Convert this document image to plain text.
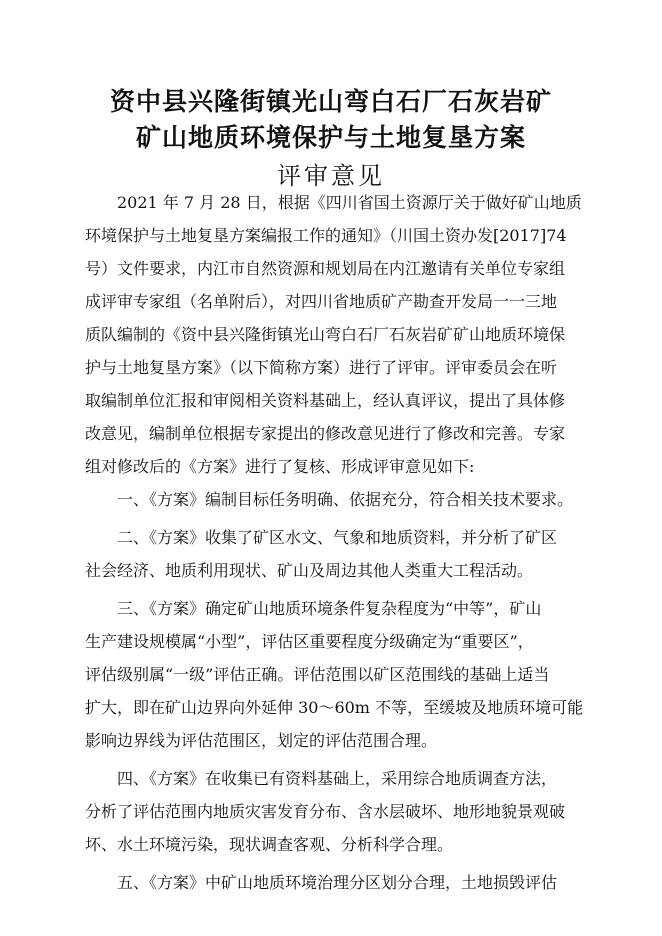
资中县兴隆街镇光山弯白石厂石灰岩矿
矿山地质环境保护与土地复垦方案
评审意见
2021 年 7 月 28 日，根据《四川省国土资源厅关于做好矿山地质
环境保护与土地复垦方案编报工作的通知》（川国土资办发[2017]74
号）文件要求，内江市自然资源和规划局在内江邀请有关单位专家组
成评审专家组（名单附后），对四川省地质矿产勘查开发局一一三地
质队编制的《资中县兴隆街镇光山弯白石厂石灰岩矿矿山地质环境保
护与土地复垦方案》（以下简称方案）进行了评审。评审委员会在听
取编制单位汇报和审阅相关资料基础上，经认真评议，提出了具体修
改意见，编制单位根据专家提出的修改意见进行了修改和完善。专家
组对修改后的《方案》进行了复核、形成评审意见如下:
一、《方案》编制目标任务明确、依据充分，符合相关技术要求。
二、《方案》收集了矿区水文、气象和地质资料，并分析了矿区
社会经济、地质利用现状、矿山及周边其他人类重大工程活动。
三、《方案》确定矿山地质环境条件复杂程度为“中等”，矿山
生产建设规模属“小型”，评估区重要程度分级确定为“重要区”，
评估级别属“一级”评估正确。评估范围以矿区范围线的基础上适当
扩大，即在矿山边界向外延伸 30～60m 不等，至缓坡及地质环境可能
影响边界线为评估范围区，划定的评估范围合理。
四、《方案》在收集已有资料基础上，采用综合地质调查方法，
分析了评估范围内地质灾害发育分布、含水层破坏、地形地貌景观破
坏、水土环境污染，现状调查客观、分析科学合理。
五、《方案》中矿山地质环境治理分区划分合理，土地损毁评估
